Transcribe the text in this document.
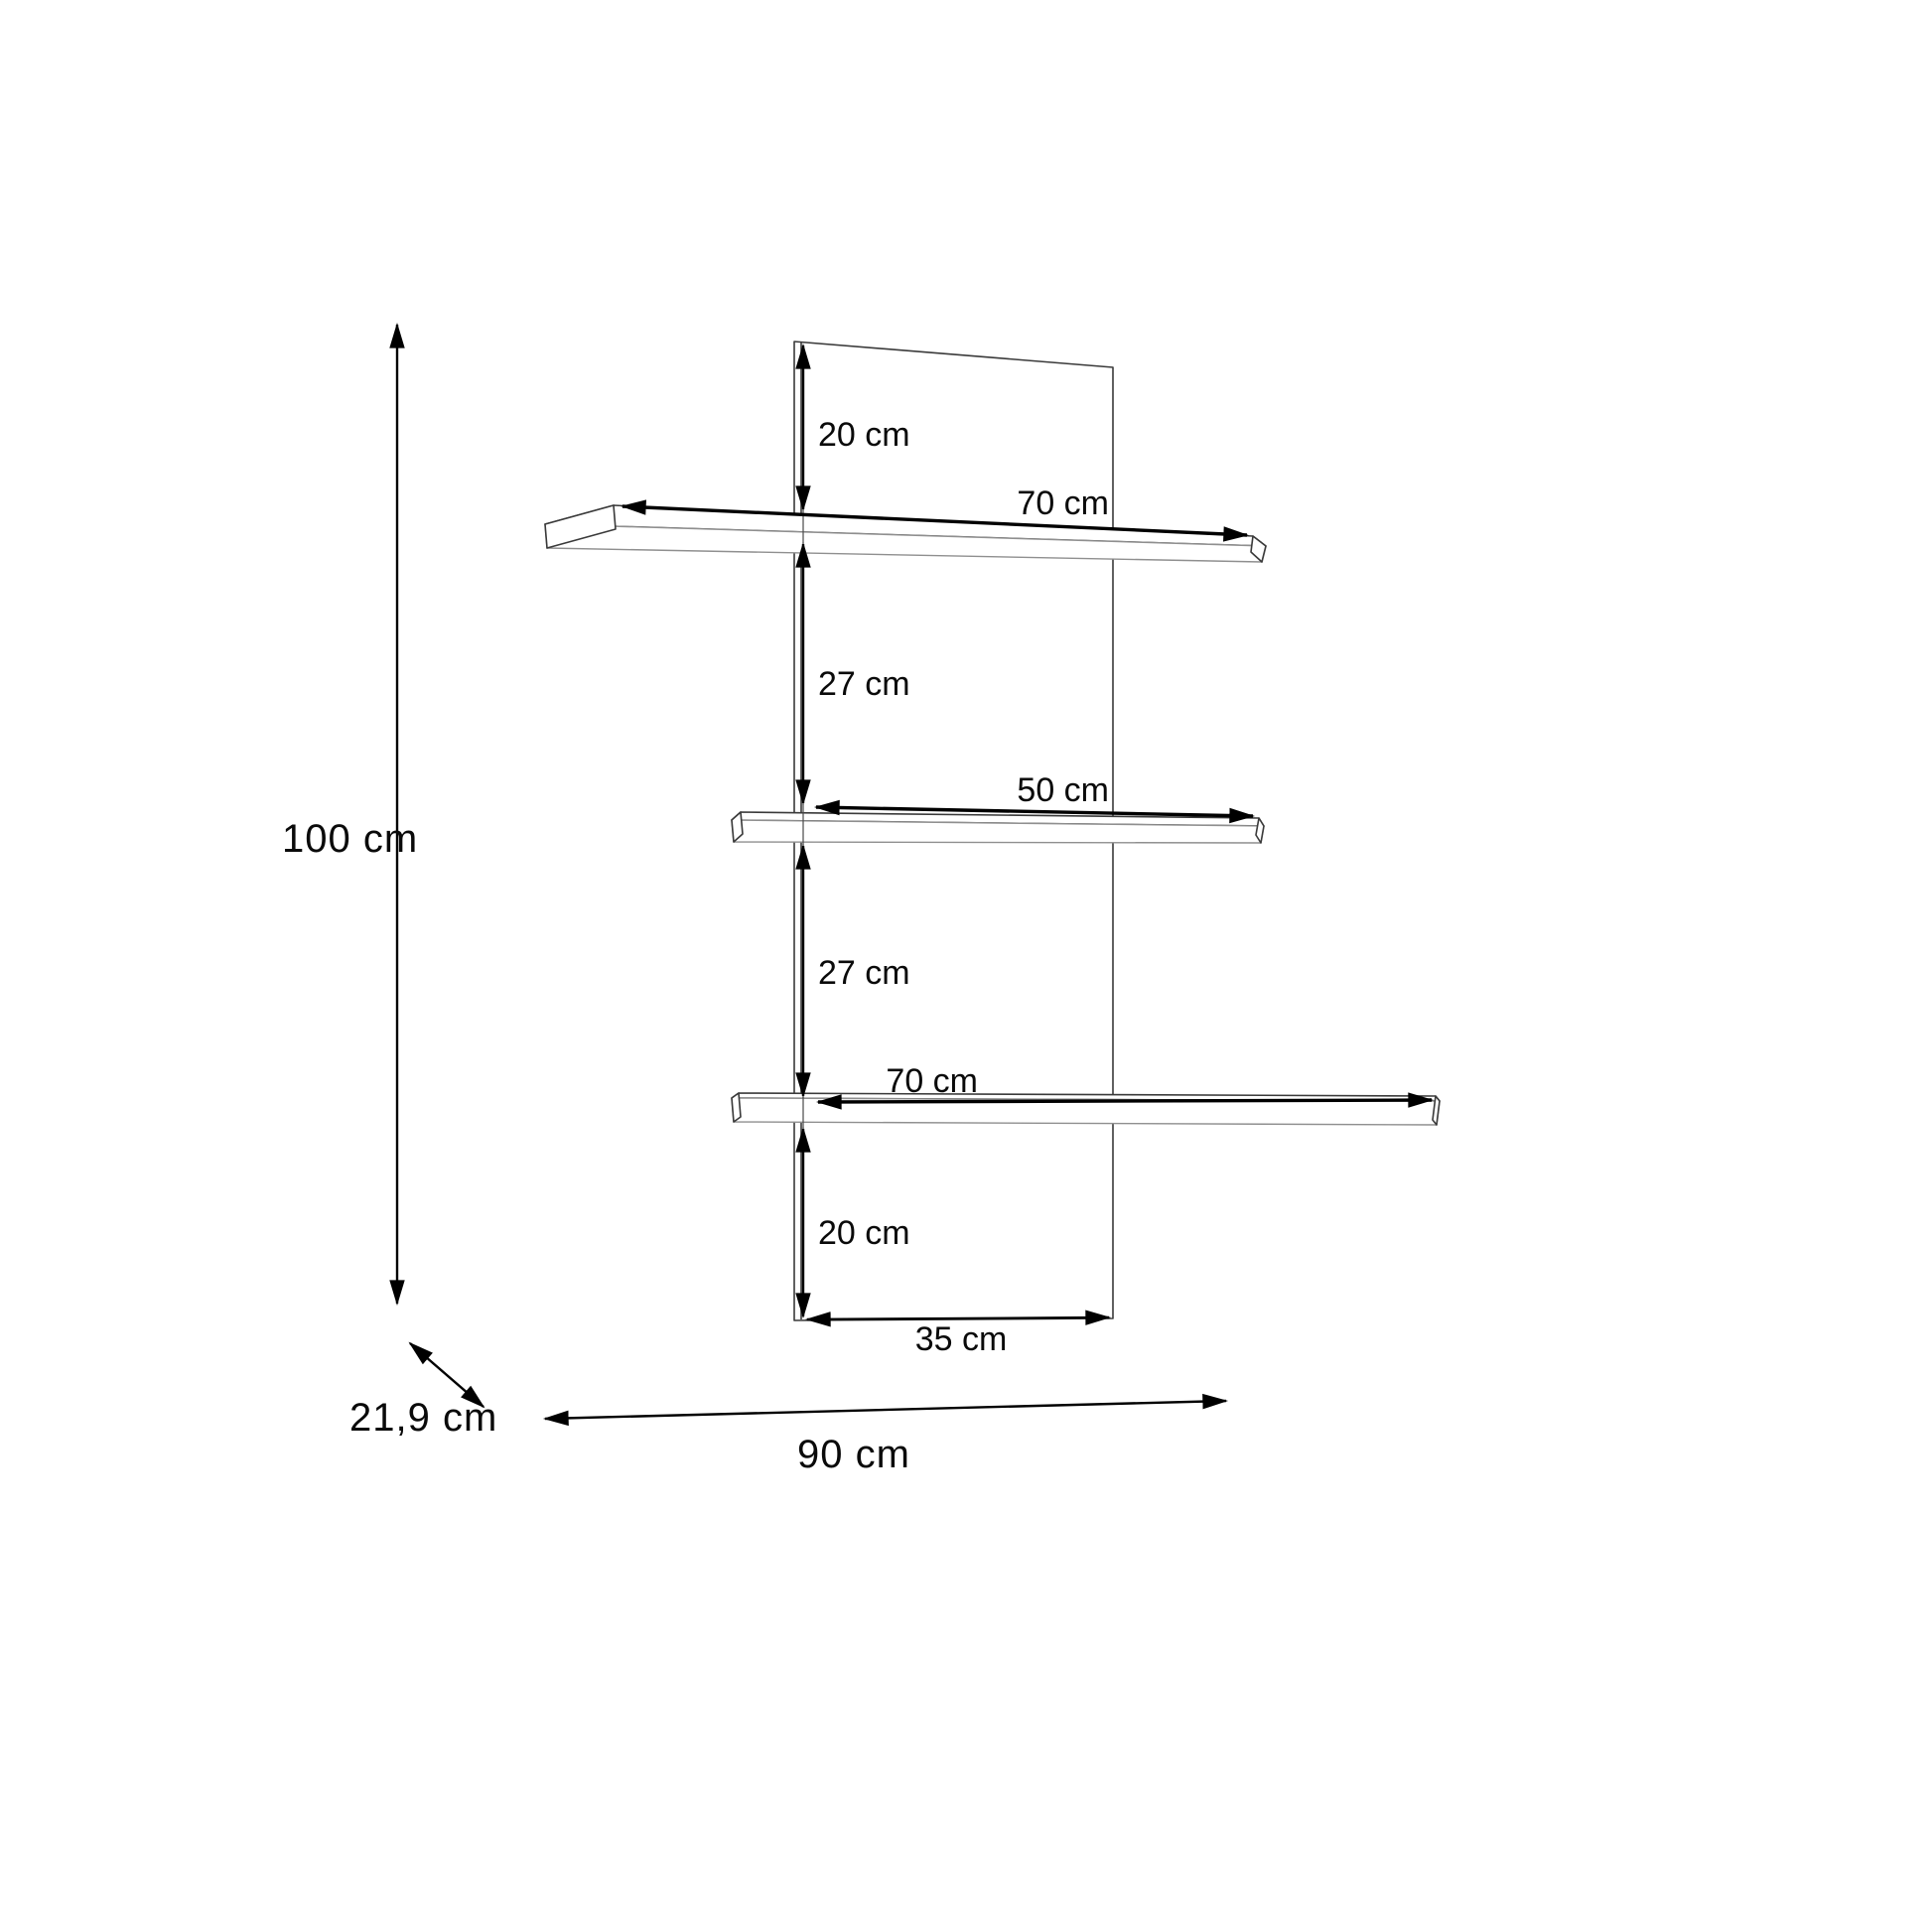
20 cm
70 cm
27 cm
50 cm
27 cm
70 cm
20 cm
35 cm
100 cm
21,9 cm
90 cm
